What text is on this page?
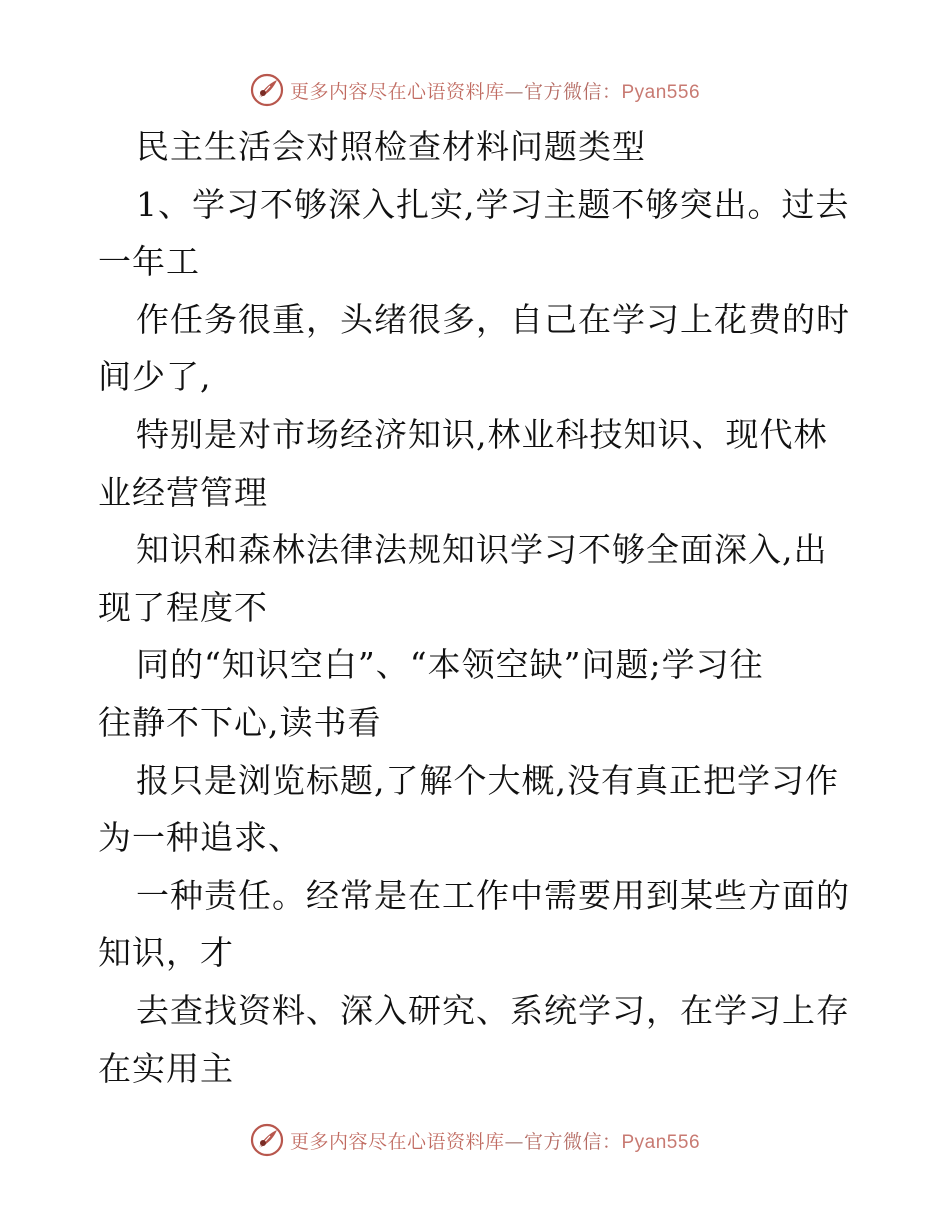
更多内容尽在心语资料库—官方微信：Pyan556
民主生活会对照检查材料问题类型
1、学习不够深入扎实,学习主题不够突出。过去
一年工
作任务很重，头绪很多，自己在学习上花费的时
间少了,
特别是对市场经济知识,林业科技知识、现代林
业经营管理
知识和森林法律法规知识学习不够全面深入,出
现了程度不
同的“知识空白”、“本领空缺”问题;学习往
往静不下心,读书看
报只是浏览标题,了解个大概,没有真正把学习作
为一种追求、
一种责任。经常是在工作中需要用到某些方面的
知识，才
去查找资料、深入研究、系统学习，在学习上存
在实用主
更多内容尽在心语资料库—官方微信：Pyan556
